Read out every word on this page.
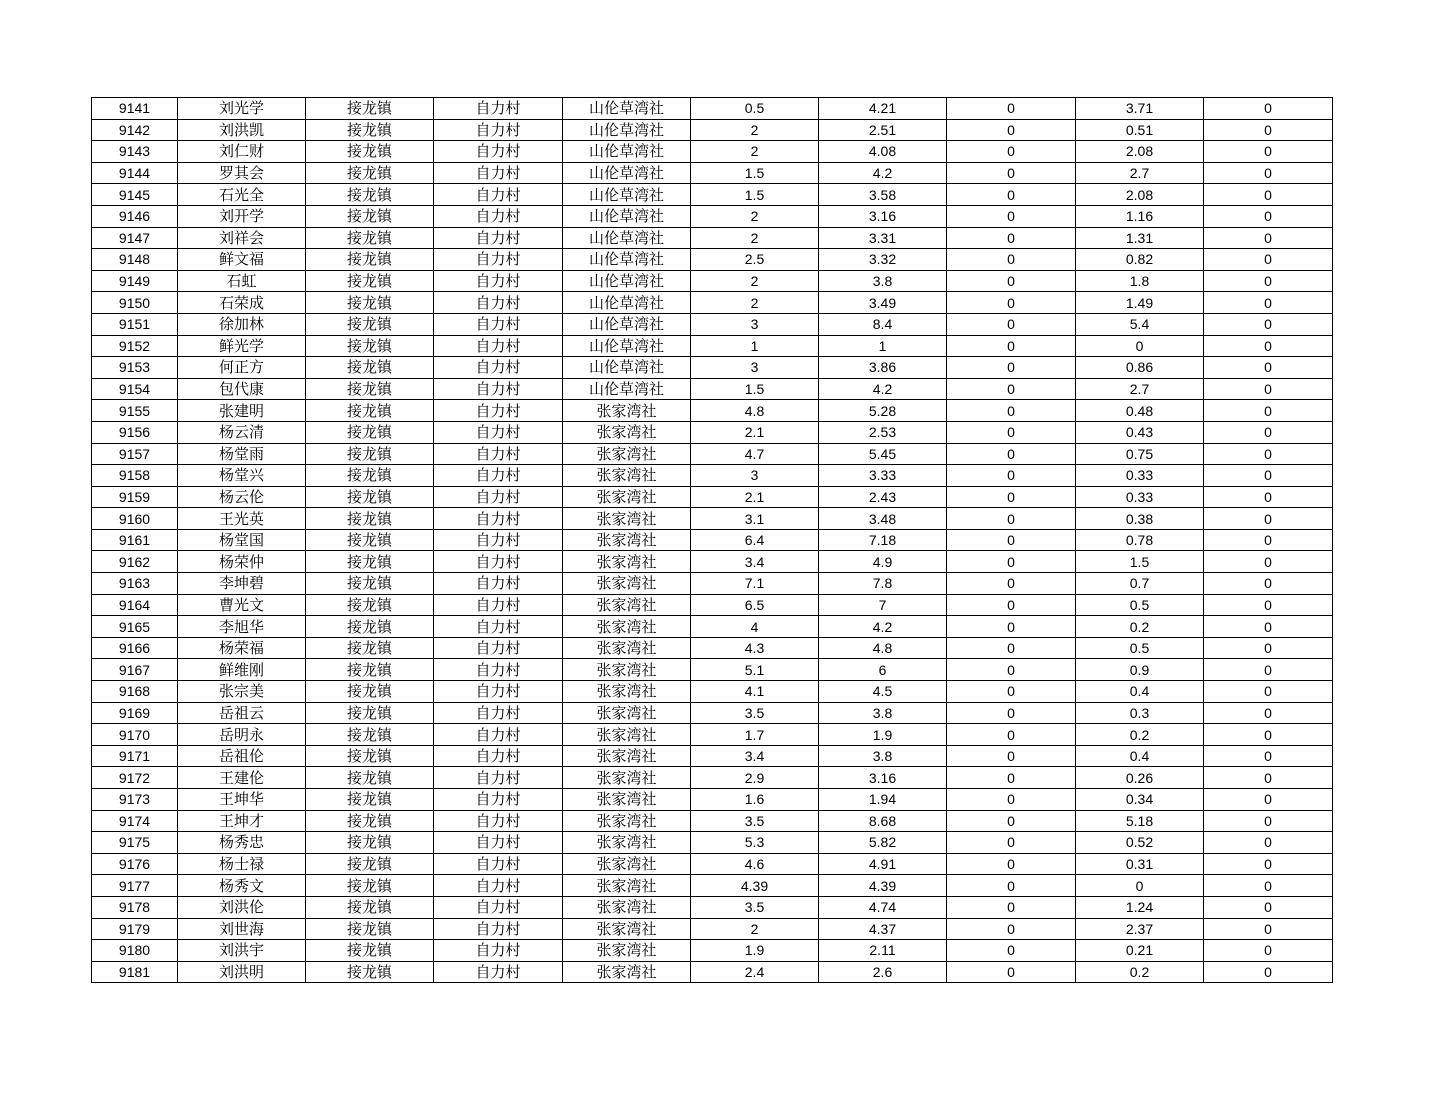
9141	刘光学	接龙镇	自力村	山伦草湾社	0.5	4.21	0	3.71	0
9142	刘洪凯	接龙镇	自力村	山伦草湾社	2	2.51	0	0.51	0
9143	刘仁财	接龙镇	自力村	山伦草湾社	2	4.08	0	2.08	0
9144	罗其会	接龙镇	自力村	山伦草湾社	1.5	4.2	0	2.7	0
9145	石光全	接龙镇	自力村	山伦草湾社	1.5	3.58	0	2.08	0
9146	刘开学	接龙镇	自力村	山伦草湾社	2	3.16	0	1.16	0
9147	刘祥会	接龙镇	自力村	山伦草湾社	2	3.31	0	1.31	0
9148	鲜文福	接龙镇	自力村	山伦草湾社	2.5	3.32	0	0.82	0
9149	石虹	接龙镇	自力村	山伦草湾社	2	3.8	0	1.8	0
9150	石荣成	接龙镇	自力村	山伦草湾社	2	3.49	0	1.49	0
9151	徐加林	接龙镇	自力村	山伦草湾社	3	8.4	0	5.4	0
9152	鲜光学	接龙镇	自力村	山伦草湾社	1	1	0	0	0
9153	何正方	接龙镇	自力村	山伦草湾社	3	3.86	0	0.86	0
9154	包代康	接龙镇	自力村	山伦草湾社	1.5	4.2	0	2.7	0
9155	张建明	接龙镇	自力村	张家湾社	4.8	5.28	0	0.48	0
9156	杨云清	接龙镇	自力村	张家湾社	2.1	2.53	0	0.43	0
9157	杨堂雨	接龙镇	自力村	张家湾社	4.7	5.45	0	0.75	0
9158	杨堂兴	接龙镇	自力村	张家湾社	3	3.33	0	0.33	0
9159	杨云伦	接龙镇	自力村	张家湾社	2.1	2.43	0	0.33	0
9160	王光英	接龙镇	自力村	张家湾社	3.1	3.48	0	0.38	0
9161	杨堂国	接龙镇	自力村	张家湾社	6.4	7.18	0	0.78	0
9162	杨荣仲	接龙镇	自力村	张家湾社	3.4	4.9	0	1.5	0
9163	李坤碧	接龙镇	自力村	张家湾社	7.1	7.8	0	0.7	0
9164	曹光文	接龙镇	自力村	张家湾社	6.5	7	0	0.5	0
9165	李旭华	接龙镇	自力村	张家湾社	4	4.2	0	0.2	0
9166	杨荣福	接龙镇	自力村	张家湾社	4.3	4.8	0	0.5	0
9167	鲜维刚	接龙镇	自力村	张家湾社	5.1	6	0	0.9	0
9168	张宗美	接龙镇	自力村	张家湾社	4.1	4.5	0	0.4	0
9169	岳祖云	接龙镇	自力村	张家湾社	3.5	3.8	0	0.3	0
9170	岳明永	接龙镇	自力村	张家湾社	1.7	1.9	0	0.2	0
9171	岳祖伦	接龙镇	自力村	张家湾社	3.4	3.8	0	0.4	0
9172	王建伦	接龙镇	自力村	张家湾社	2.9	3.16	0	0.26	0
9173	王坤华	接龙镇	自力村	张家湾社	1.6	1.94	0	0.34	0
9174	王坤才	接龙镇	自力村	张家湾社	3.5	8.68	0	5.18	0
9175	杨秀忠	接龙镇	自力村	张家湾社	5.3	5.82	0	0.52	0
9176	杨士禄	接龙镇	自力村	张家湾社	4.6	4.91	0	0.31	0
9177	杨秀文	接龙镇	自力村	张家湾社	4.39	4.39	0	0	0
9178	刘洪伦	接龙镇	自力村	张家湾社	3.5	4.74	0	1.24	0
9179	刘世海	接龙镇	自力村	张家湾社	2	4.37	0	2.37	0
9180	刘洪宇	接龙镇	自力村	张家湾社	1.9	2.11	0	0.21	0
9181	刘洪明	接龙镇	自力村	张家湾社	2.4	2.6	0	0.2	0
